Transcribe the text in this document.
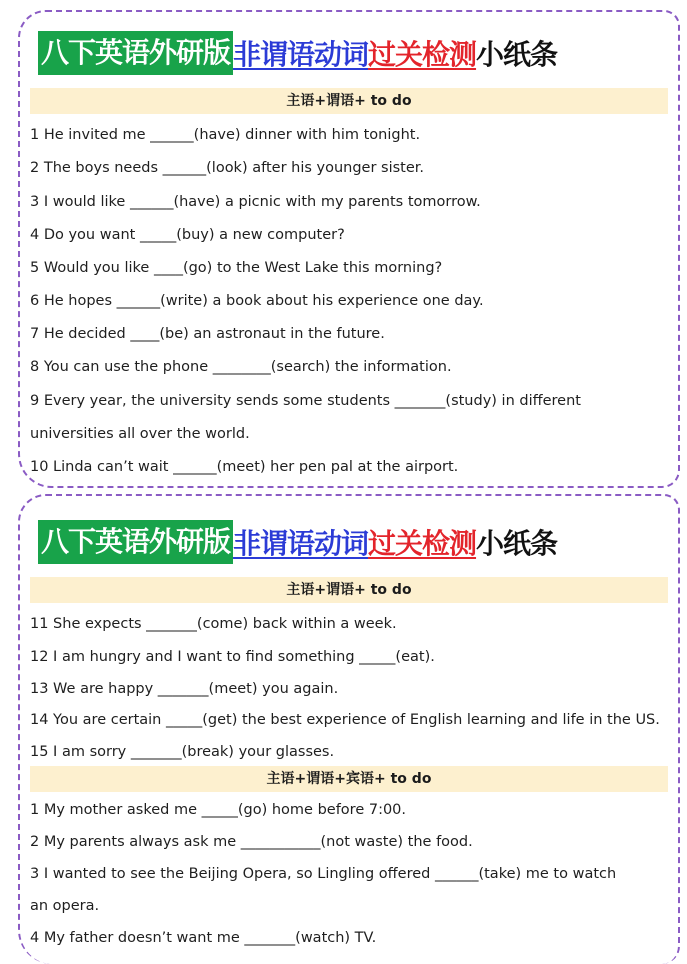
八下英语外研版 非谓语动词 过关检测 小纸条
主语+谓语+ to do
1 He invited me ______(have) dinner with him tonight.
2 The boys needs ______(look) after his younger sister.
3 I would like ______(have) a picnic with my parents tomorrow.
4 Do you want _____(buy) a new computer?
5 Would you like ____(go) to the West Lake this morning?
6 He hopes ______(write) a book about his experience one day.
7 He decided ____(be) an astronaut in the future.
8 You can use the phone ________(search) the information.
9 Every year, the university sends some students _______(study) in different
universities all over the world.
10 Linda can’t wait ______(meet) her pen pal at the airport.
八下英语外研版 非谓语动词 过关检测 小纸条
主语+谓语+ to do
11 She expects _______(come) back within a week.
12 I am hungry and I want to find something _____(eat).
13 We are happy _______(meet) you again.
14 You are certain _____(get) the best experience of English learning and life in the US.
15 I am sorry _______(break) your glasses.
主语+谓语+宾语+ to do
1 My mother asked me _____(go) home before 7:00.
2 My parents always ask me ___________(not waste) the food.
3 I wanted to see the Beijing Opera, so Lingling offered ______(take) me to watch
an opera.
4 My father doesn’t want me _______(watch) TV.
